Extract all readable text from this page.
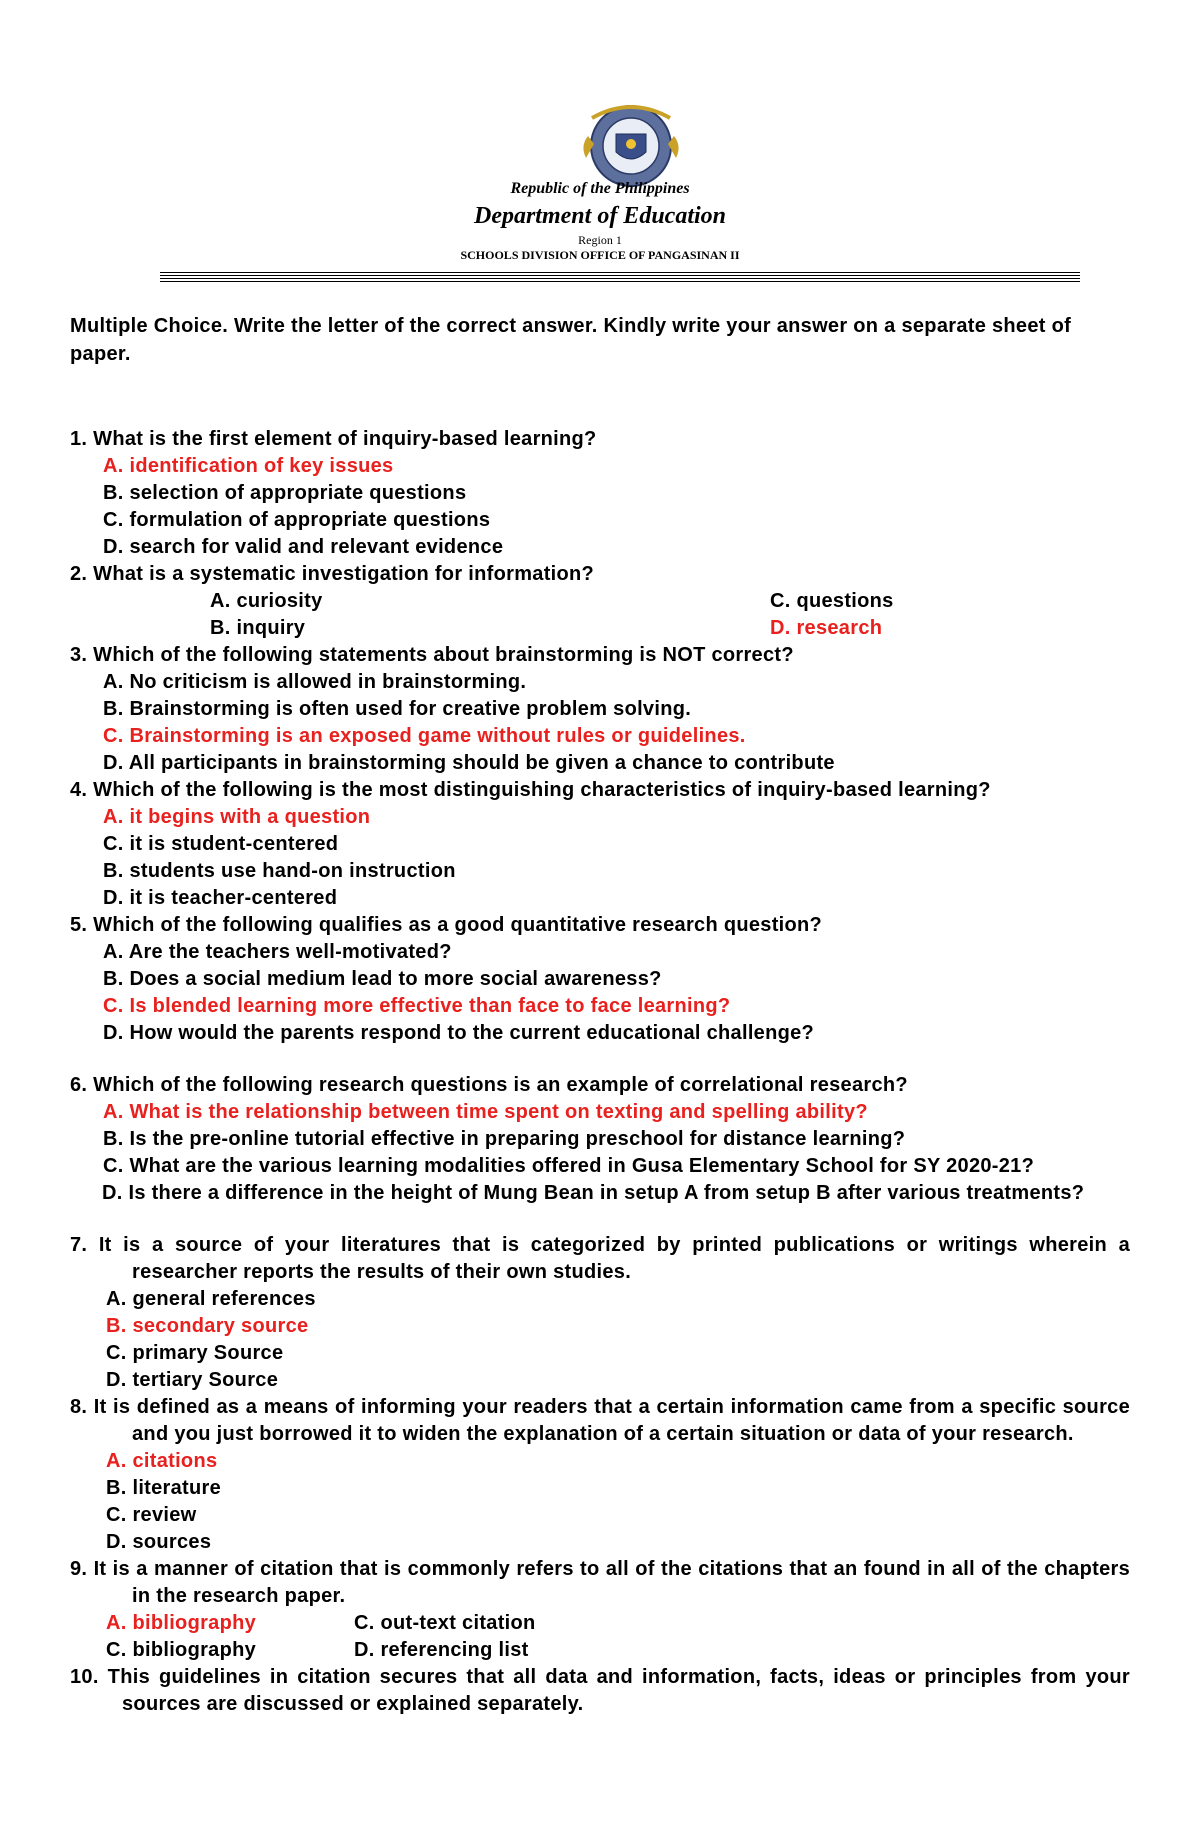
Republic of the Philippines
Department of Education
Region 1
SCHOOLS DIVISION OFFICE OF PANGASINAN II

Multiple Choice. Write the letter of the correct answer. Kindly write your answer on a separate sheet of paper.

1. What is the first element of inquiry-based learning?
A. identification of key issues
B. selection of appropriate questions
C. formulation of appropriate questions
D. search for valid and relevant evidence
2. What is a systematic investigation for information?
A. curiosity	C. questions
B. inquiry	D. research
3. Which of the following statements about brainstorming is NOT correct?
A. No criticism is allowed in brainstorming.
B. Brainstorming is often used for creative problem solving.
C. Brainstorming is an exposed game without rules or guidelines.
D. All participants in brainstorming should be given a chance to contribute
4. Which of the following is the most distinguishing characteristics of inquiry-based learning?
A. it begins with a question
C. it is student-centered
B. students use hand-on instruction
D. it is teacher-centered
5. Which of the following qualifies as a good quantitative research question?
A. Are the teachers well-motivated?
B. Does a social medium lead to more social awareness?
C. Is blended learning more effective than face to face learning?
D. How would the parents respond to the current educational challenge?
6. Which of the following research questions is an example of correlational research?
A. What is the relationship between time spent on texting and spelling ability?
B. Is the pre-online tutorial effective in preparing preschool for distance learning?
C. What are the various learning modalities offered in Gusa Elementary School for SY 2020-21?
D. Is there a difference in the height of Mung Bean in setup A from setup B after various treatments?
7. It is a source of your literatures that is categorized by printed publications or writings wherein a researcher reports the results of their own studies.
A. general references
B. secondary source
C. primary Source
D. tertiary Source
8. It is defined as a means of informing your readers that a certain information came from a specific source and you just borrowed it to widen the explanation of a certain situation or data of your research.
A. citations
B. literature
C. review
D. sources
9. It is a manner of citation that is commonly refers to all of the citations that an found in all of the chapters in the research paper.
A. bibliography	C. out-text citation
C. bibliography	D. referencing list
10. This guidelines in citation secures that all data and information, facts, ideas or principles from your sources are discussed or explained separately.
